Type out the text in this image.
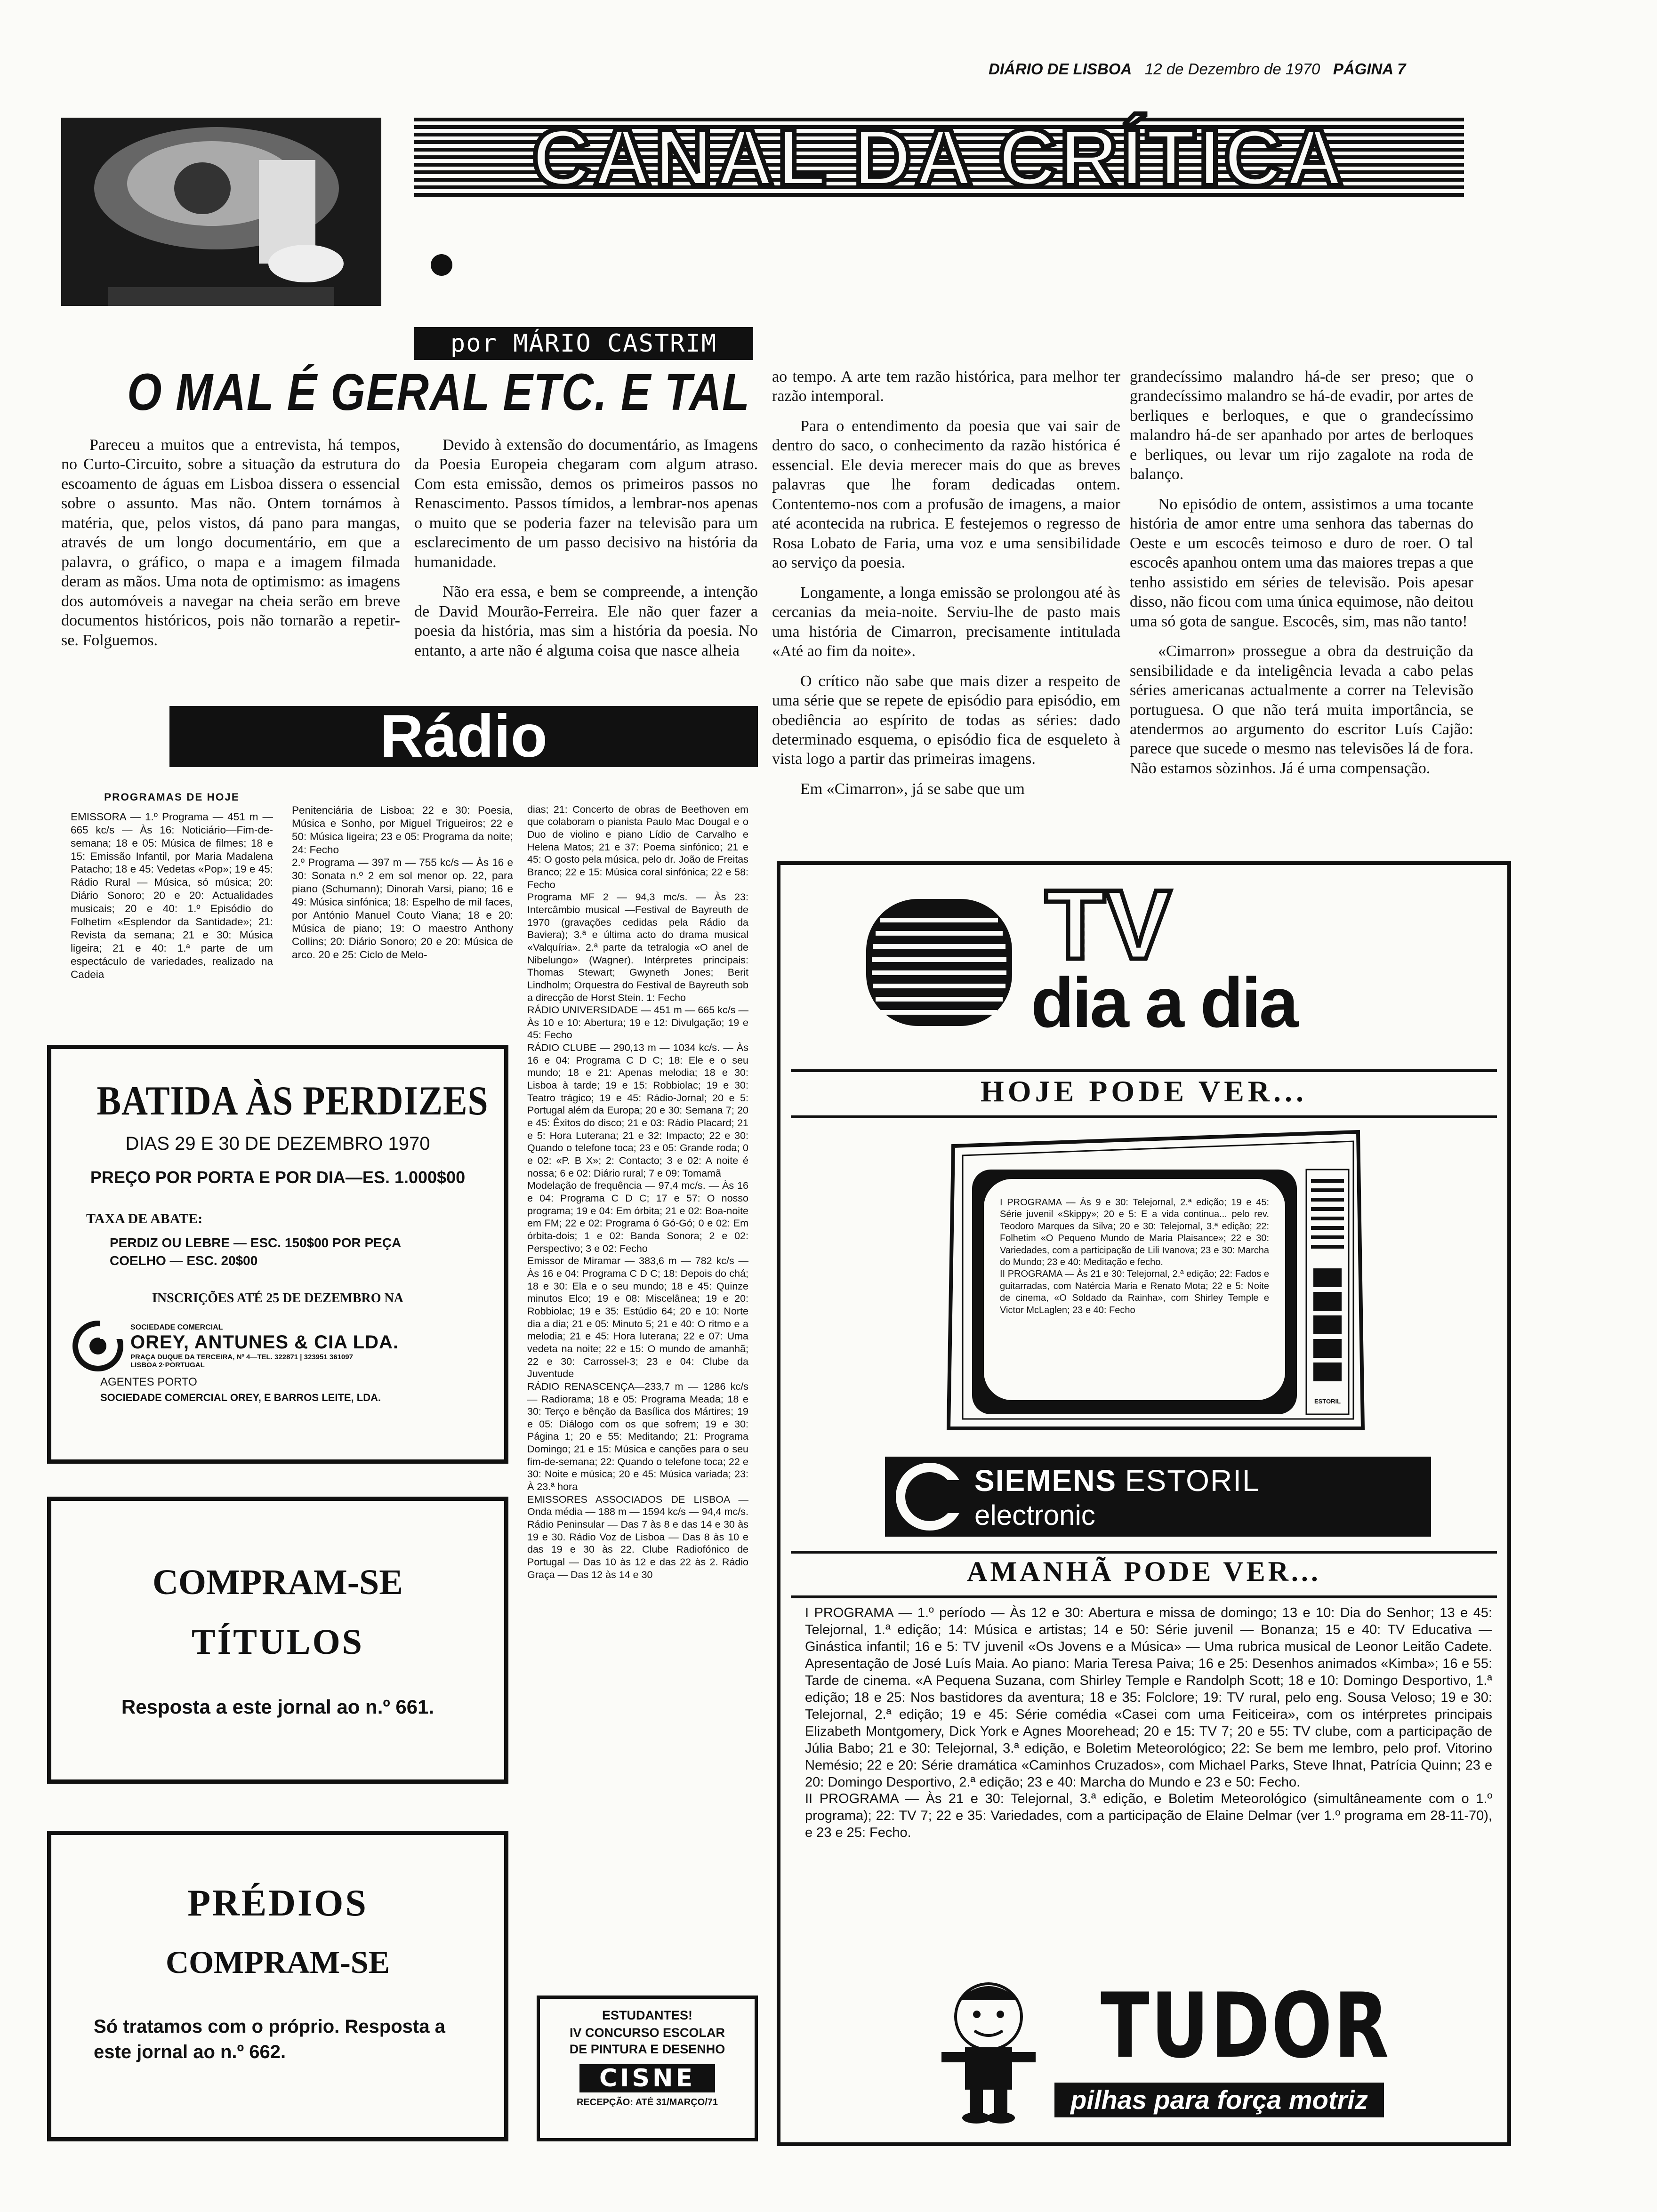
DIÁRIO DE LISBOA 12 de Dezembro de 1970 PÁGINA 7
CANAL DA CRÍTICA
por MÁRIO CASTRIM
O MAL É GERAL ETC. E TAL

Pareceu a muitos que a entrevista, há tempos, no Curto-Circuito, sobre a situação da estrutura do escoamento de águas em Lisboa dissera o essencial sobre o assunto. Mas não. Ontem tornámos à matéria, que, pelos vistos, dá pano para mangas, através de um longo documentário, em que a palavra, o gráfico, o mapa e a imagem filmada deram as mãos. Uma nota de optimismo: as imagens dos automóveis a navegar na cheia serão em breve documentos históricos, pois não tornarão a repetir-se. Folguemos.

Devido à extensão do documentário, as Imagens da Poesia Europeia chegaram com algum atraso. Com esta emissão, demos os primeiros passos no Renascimento. Passos tímidos, a lembrar-nos apenas o muito que se poderia fazer na televisão para um esclarecimento de um passo decisivo na história da humanidade.

Não era essa, e bem se compreende, a intenção de David Mourão-Ferreira. Ele não quer fazer a poesia da história, mas sim a história da poesia. No entanto, a arte não é alguma coisa que nasce alheia

ao tempo. A arte tem razão histórica, para melhor ter razão intemporal.

Para o entendimento da poesia que vai sair de dentro do saco, o conhecimento da razão histórica é essencial. Ele devia merecer mais do que as breves palavras que lhe foram dedicadas ontem. Contentemo-nos com a profusão de imagens, a maior até acontecida na rubrica. E festejemos o regresso de Rosa Lobato de Faria, uma voz e uma sensibilidade ao serviço da poesia.

Longamente, a longa emissão se prolongou até às cercanias da meia-noite. Serviu-lhe de pasto mais uma história de Cimarron, precisamente intitulada «Até ao fim da noite».

O crítico não sabe que mais dizer a respeito de uma série que se repete de episódio para episódio, em obediência ao espírito de todas as séries: dado determinado esquema, o episódio fica de esqueleto à vista logo a partir das primeiras imagens.

Em «Cimarron», já se sabe que um

grandecíssimo malandro há-de ser preso; que o grandecíssimo malandro se há-de evadir, por artes de berliques e berloques, e que o grandecíssimo malandro há-de ser apanhado por artes de berloques e berliques, ou levar um rijo zagalote na roda de balanço.

No episódio de ontem, assistimos a uma tocante história de amor entre uma senhora das tabernas do Oeste e um escocês teimoso e duro de roer. O tal escocês apanhou ontem uma das maiores trepas a que tenho assistido em séries de televisão. Pois apesar disso, não ficou com uma única equimose, não deitou uma só gota de sangue. Escocês, sim, mas não tanto!

«Cimarron» prossegue a obra da destruição da sensibilidade e da inteligência levada a cabo pelas séries americanas actualmente a correr na Televisão portuguesa. O que não terá muita importância, se atendermos ao argumento do escritor Luís Cajão: parece que sucede o mesmo nas televisões lá de fora. Não estamos sòzinhos. Já é uma compensação.

Rádio
PROGRAMAS DE HOJE
EMISSORA — 1.º Programa — 451 m — 665 kc/s — Às 16: Noticiário—Fim-de-semana; 18 e 05: Música de filmes; 18 e 15: Emissão Infantil, por Maria Madalena Patacho; 18 e 45: Vedetas «Pop»; 19 e 45: Rádio Rural — Música, só música; 20: Diário Sonoro; 20 e 20: Actualidades musicais; 20 e 40: 1.º Episódio do Folhetim «Esplendor da Santidade»; 21: Revista da semana; 21 e 30: Música ligeira; 21 e 40: 1.ª parte de um espectáculo de variedades, realizado na Cadeia

Penitenciária de Lisboa; 22 e 30: Poesia, Música e Sonho, por Miguel Trigueiros; 22 e 50: Música ligeira; 23 e 05: Programa da noite; 24: Fecho
2.º Programa — 397 m — 755 kc/s — Às 16 e 30: Sonata n.º 2 em sol menor op. 22, para piano (Schumann); Dinorah Varsi, piano; 16 e 49: Música sinfónica; 18: Espelho de mil faces, por António Manuel Couto Viana; 18 e 20: Música de piano; 19: O maestro Anthony Collins; 20: Diário Sonoro; 20 e 20: Música de arco. 20 e 25: Ciclo de Melo-

dias; 21: Concerto de obras de Beethoven em que colaboram o pianista Paulo Mac Dougal e o Duo de violino e piano Lídio de Carvalho e Helena Matos; 21 e 37: Poema sinfónico; 21 e 45: O gosto pela música, pelo dr. João de Freitas Branco; 22 e 15: Música coral sinfónica; 22 e 58: Fecho
Programa MF 2 — 94,3 mc/s. — Às 23: Intercâmbio musical —Festival de Bayreuth de 1970 (gravações cedidas pela Rádio da Baviera); 3.ª e última acto do drama musical «Valquíria». 2.ª parte da tetralogia «O anel de Nibelungo» (Wagner). Intérpretes principais: Thomas Stewart; Gwyneth Jones; Berit Lindholm; Orquestra do Festival de Bayreuth sob a direcção de Horst Stein. 1: Fecho
RÁDIO UNIVERSIDADE — 451 m — 665 kc/s — Às 10 e 10: Abertura; 19 e 12: Divulgação; 19 e 45: Fecho
RÁDIO CLUBE — 290,13 m — 1034 kc/s. — Às 16 e 04: Programa C D C; 18: Ele e o seu mundo; 18 e 21: Apenas melodia; 18 e 30: Lisboa à tarde; 19 e 15: Robbiolac; 19 e 30: Teatro trágico; 19 e 45: Rádio-Jornal; 20 e 5: Portugal além da Europa; 20 e 30: Semana 7; 20 e 45: Êxitos do disco; 21 e 03: Rádio Placard; 21 e 5: Hora Luterana; 21 e 32: Impacto; 22 e 30: Quando o telefone toca; 23 e 05: Grande roda; 0 e 02: «P. B X»; 2: Contacto; 3 e 02: A noite é nossa; 6 e 02: Diário rural; 7 e 09: Tomamã
Modelação de frequência — 97,4 mc/s. — Às 16 e 04: Programa C D C; 17 e 57: O nosso programa; 19 e 04: Em órbita; 21 e 02: Boa-noite em FM; 22 e 02: Programa ó Gó-Gó; 0 e 02: Em órbita-dois; 1 e 02: Banda Sonora; 2 e 02: Perspectivo; 3 e 02: Fecho
Emissor de Miramar — 383,6 m — 782 kc/s — Às 16 e 04: Programa C D C; 18: Depois do chá; 18 e 30: Ela e o seu mundo; 18 e 45: Quinze minutos Elco; 19 e 08: Miscelânea; 19 e 20: Robbiolac; 19 e 35: Estúdio 64; 20 e 10: Norte dia a dia; 21 e 05: Minuto 5; 21 e 40: O ritmo e a melodia; 21 e 45: Hora luterana; 22 e 07: Uma vedeta na noite; 22 e 15: O mundo de amanhã; 22 e 30: Carrossel-3; 23 e 04: Clube da Juventude
RÁDIO RENASCENÇA—233,7 m — 1286 kc/s — Radiorama; 18 e 05: Programa Meada; 18 e 30: Terço e bênção da Basílica dos Mártires; 19 e 05: Diálogo com os que sofrem; 19 e 30: Página 1; 20 e 55: Meditando; 21: Programa Domingo; 21 e 15: Música e canções para o seu fim-de-semana; 22: Quando o telefone toca; 22 e 30: Noite e música; 20 e 45: Música variada; 23: À 23.ª hora
EMISSORES ASSOCIADOS DE LISBOA — Onda média — 188 m — 1594 kc/s — 94,4 mc/s. Rádio Peninsular — Das 7 às 8 e das 14 e 30 às 19 e 30. Rádio Voz de Lisboa — Das 8 às 10 e das 19 e 30 às 22. Clube Radiofónico de Portugal — Das 10 às 12 e das 22 às 2. Rádio Graça — Das 12 às 14 e 30

BATIDA ÀS PERDIZES
DIAS 29 E 30 DE DEZEMBRO 1970
PREÇO POR PORTA E POR DIA—ES. 1.000$00
TAXA DE ABATE:
PERDIZ OU LEBRE — ESC. 150$00 POR PEÇA
COELHO — ESC. 20$00
INSCRIÇÕES ATÉ 25 DE DEZEMBRO NA
SOCIEDADE COMERCIAL
OREY, ANTUNES & CIA LDA.
PRAÇA DUQUE DA TERCEIRA, Nº 4—TEL. 322871 | 323951 361097
LISBOA 2·PORTUGAL
AGENTES PORTO
SOCIEDADE COMERCIAL OREY, E BARROS LEITE, LDA.
COMPRAM-SE
TÍTULOS
Resposta a este jornal ao n.º 661.
PRÉDIOS
COMPRAM-SE
Só tratamos com o próprio. Resposta a este jornal ao n.º 662.
ESTUDANTES!
IV CONCURSO ESCOLAR
DE PINTURA E DESENHO
CISNE
RECEPÇÃO: ATÉ 31/MARÇO/71
TV
dia a dia
HOJE PODE VER...
I PROGRAMA — Às 9 e 30: Telejornal, 2.ª edição; 19 e 45: Série juvenil «Skippy»; 20 e 5: E a vida continua... pelo rev. Teodoro Marques da Silva; 20 e 30: Telejornal, 3.ª edição; 22: Folhetim «O Pequeno Mundo de Maria Plaisance»; 22 e 30: Variedades, com a participação de Lili Ivanova; 23 e 30: Marcha do Mundo; 23 e 40: Meditação e fecho.
II PROGRAMA — Às 21 e 30: Telejornal, 2.ª edição; 22: Fados e guitarradas, com Natércia Maria e Renato Mota; 22 e 5: Noite de cinema, «O Soldado da Rainha», com Shirley Temple e Victor McLaglen; 23 e 40: Fecho
ESTORIL
SIEMENS ESTORIL
electronic
AMANHÃ PODE VER...
I PROGRAMA — 1.º período — Às 12 e 30: Abertura e missa de domingo; 13 e 10: Dia do Senhor; 13 e 45: Telejornal, 1.ª edição; 14: Música e artistas; 14 e 50: Série juvenil — Bonanza; 15 e 40: TV Educativa — Ginástica infantil; 16 e 5: TV juvenil «Os Jovens e a Música» — Uma rubrica musical de Leonor Leitão Cadete. Apresentação de José Luís Maia. Ao piano: Maria Teresa Paiva; 16 e 25: Desenhos animados «Kimba»; 16 e 55: Tarde de cinema. «A Pequena Suzana, com Shirley Temple e Randolph Scott; 18 e 10: Domingo Desportivo, 1.ª edição; 18 e 25: Nos bastidores da aventura; 18 e 35: Folclore; 19: TV rural, pelo eng. Sousa Veloso; 19 e 30: Telejornal, 2.ª edição; 19 e 45: Série comédia «Casei com uma Feiticeira», com os intérpretes principais Elizabeth Montgomery, Dick York e Agnes Moorehead; 20 e 15: TV 7; 20 e 55: TV clube, com a participação de Júlia Babo; 21 e 30: Telejornal, 3.ª edição, e Boletim Meteorológico; 22: Se bem me lembro, pelo prof. Vitorino Nemésio; 22 e 20: Série dramática «Caminhos Cruzados», com Michael Parks, Steve Ihnat, Patrícia Quinn; 23 e 20: Domingo Desportivo, 2.ª edição; 23 e 40: Marcha do Mundo e 23 e 50: Fecho.
II PROGRAMA — Às 21 e 30: Telejornal, 3.ª edição, e Boletim Meteorológico (simultâneamente com o 1.º programa); 22: TV 7; 22 e 35: Variedades, com a participação de Elaine Delmar (ver 1.º programa em 28-11-70), e 23 e 25: Fecho.
TUDOR
pilhas para força motriz
